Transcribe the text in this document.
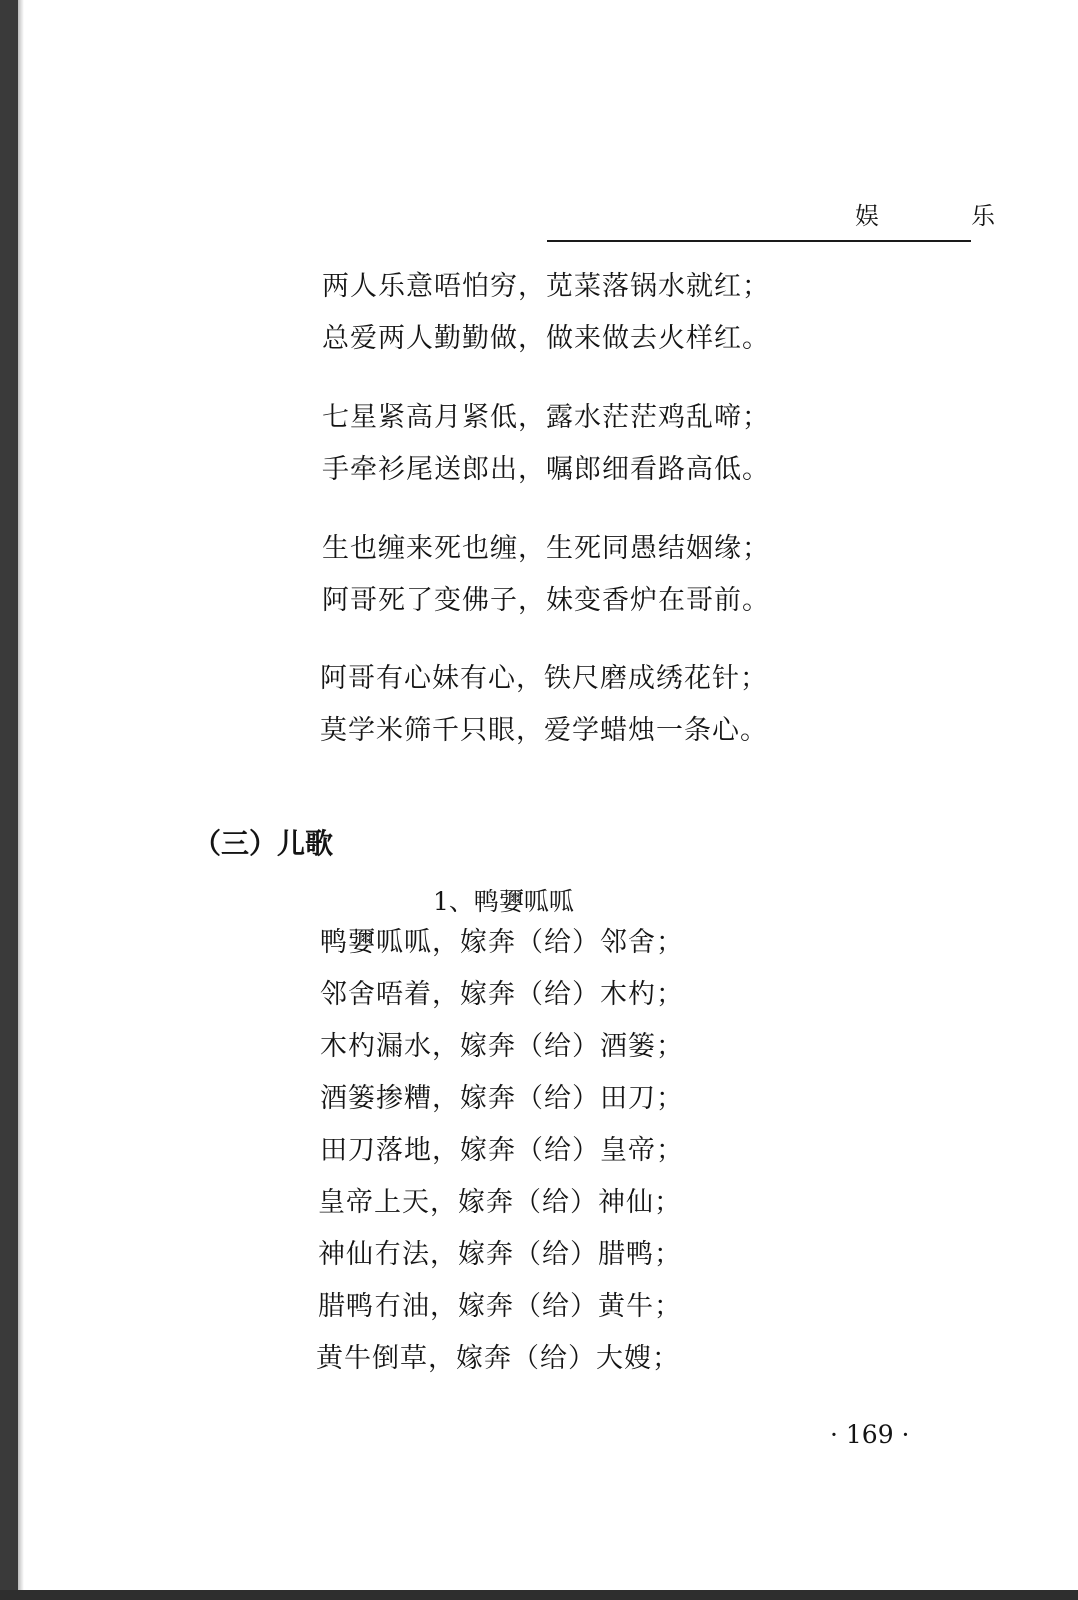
娱　乐
两人乐意唔怕穷，苋菜落锅水就红；
总爱两人勤勤做，做来做去火样红。
七星紧高月紧低，露水茫茫鸡乱啼；
手牵衫尾送郎出，嘱郎细看路高低。
生也缠来死也缠，生死同愚结姻缘；
阿哥死了变佛子，妹变香炉在哥前。
阿哥有心妹有心，铁尺磨成绣花针；
莫学米筛千只眼，爱学蜡烛一条心。
（三）儿歌
1、鸭㜷呱呱
鸭㜷呱呱，嫁奔（给）邻舍；
邻舍唔着，嫁奔（给）木杓；
木杓漏水，嫁奔（给）酒篓；
酒篓掺糟，嫁奔（给）田刀；
田刀落地，嫁奔（给）皇帝；
皇帝上天，嫁奔（给）神仙；
神仙冇法，嫁奔（给）腊鸭；
腊鸭冇油，嫁奔（给）黄牛；
黄牛倒草，嫁奔（给）大嫂；
· 169 ·
